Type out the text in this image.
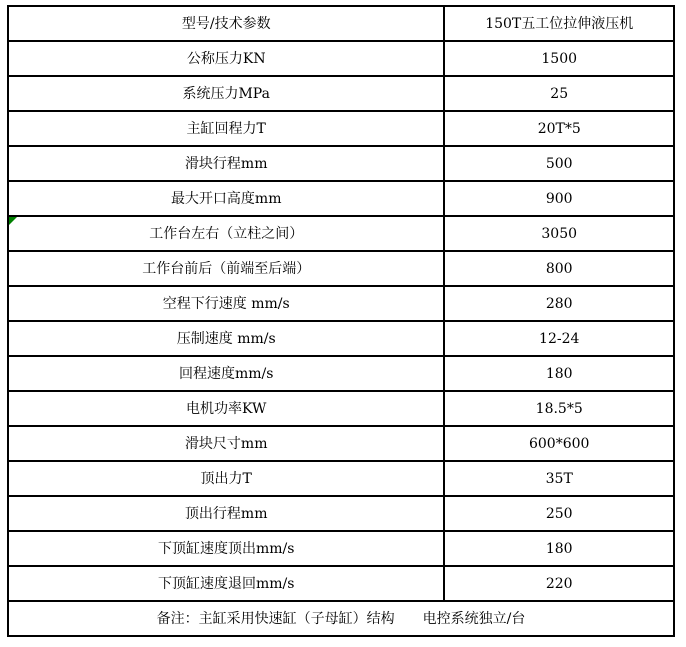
型号/技术参数	150T五工位拉伸液压机
公称压力KN	1500
系统压力MPa	25
主缸回程力T	20T*5
滑块行程mm	500
最大开口高度mm	900

工作台左右（立柱之间）	3050
工作台前后（前端至后端）	800
空程下行速度 mm/s	280
压制速度 mm/s	12-24
回程速度mm/s	180
电机功率KW	18.5*5
滑块尺寸mm	600*600
顶出力T	35T
顶出行程mm	250
下顶缸速度顶出mm/s	180
下顶缸速度退回mm/s	220
备注：主缸采用快速缸（子母缸）结构　　电控系统独立/台	
